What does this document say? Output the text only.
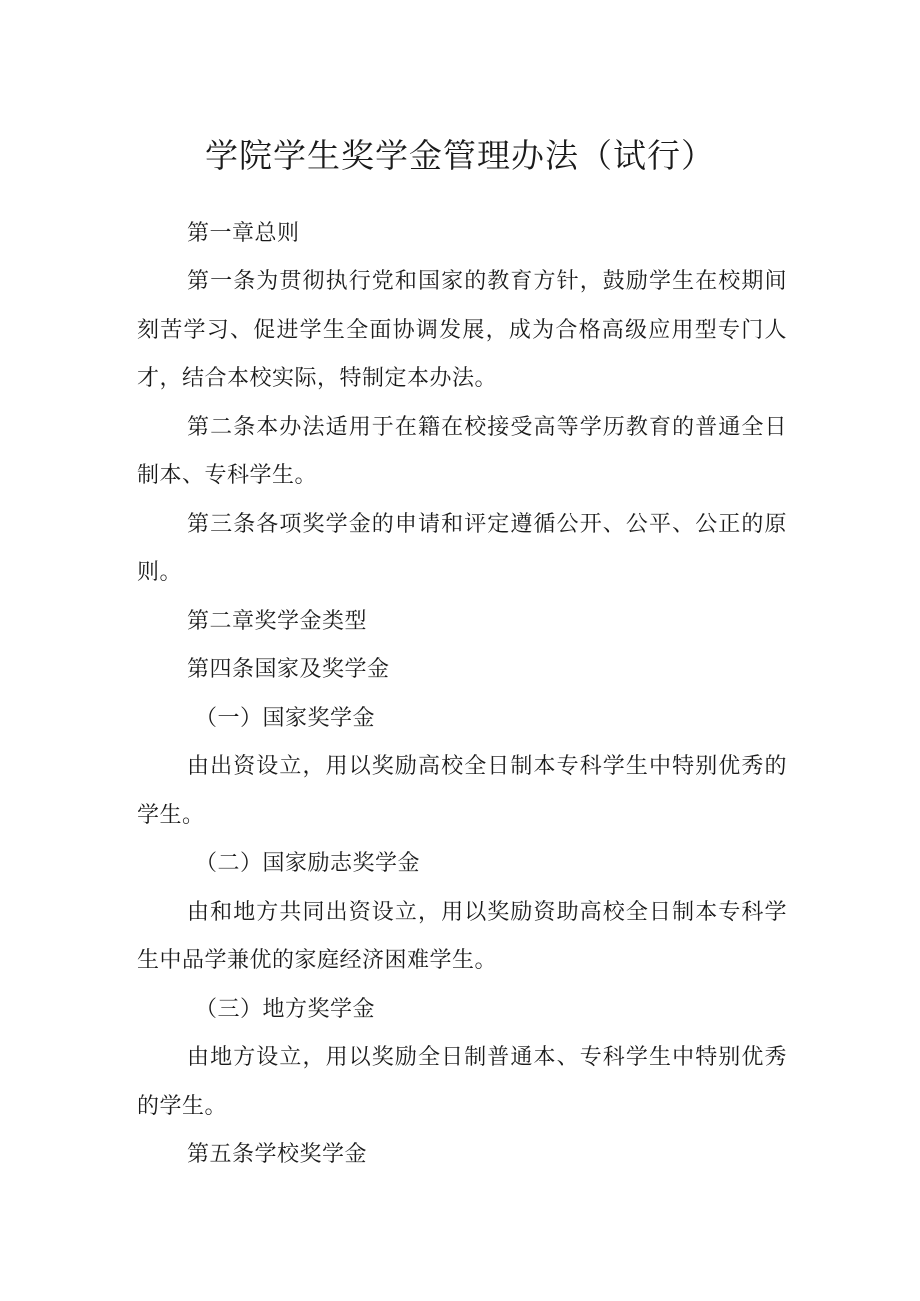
学院学生奖学金管理办法（试行）
第一章总则
第一条为贯彻执行党和国家的教育方针，鼓励学生在校期间
刻苦学习、促进学生全面协调发展，成为合格高级应用型专门人
才，结合本校实际，特制定本办法。
第二条本办法适用于在籍在校接受高等学历教育的普通全日
制本、专科学生。
第三条各项奖学金的申请和评定遵循公开、公平、公正的原
则。
第二章奖学金类型
第四条国家及奖学金
（一）国家奖学金
由出资设立，用以奖励高校全日制本专科学生中特别优秀的
学生。
（二）国家励志奖学金
由和地方共同出资设立，用以奖励资助高校全日制本专科学
生中品学兼优的家庭经济困难学生。
（三）地方奖学金
由地方设立，用以奖励全日制普通本、专科学生中特别优秀
的学生。
第五条学校奖学金
